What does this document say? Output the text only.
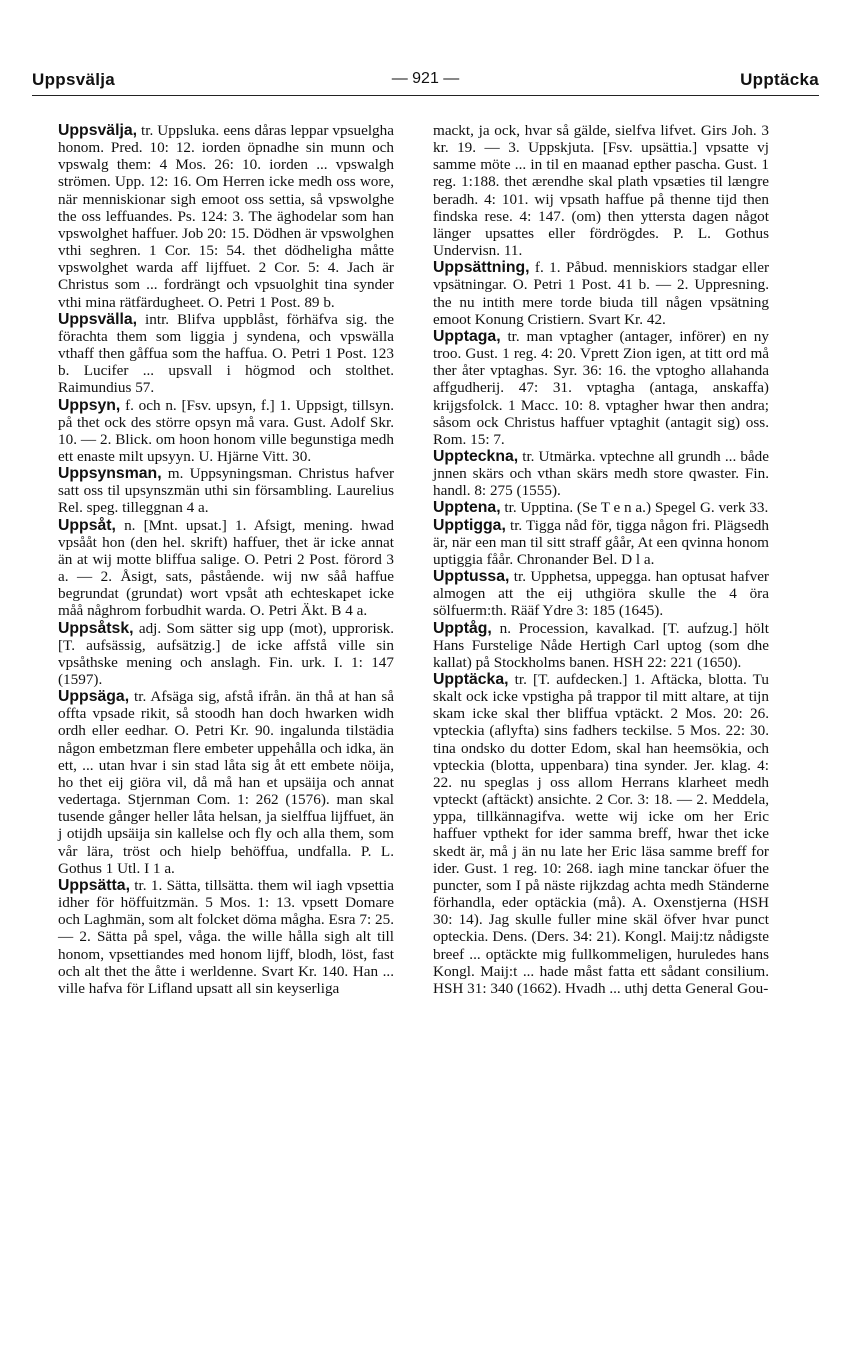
Uppsvälja	— 921 —	Upptäcka

Uppsvälja, tr. Uppsluka. eens dåras leppar vpsuelgha honom. Pred. 10: 12. iorden öpnadhe sin munn och vpswalg them: 4 Mos. 26: 10. iorden ... vpswalgh strömen. Upp. 12: 16. Om Herren icke medh oss wore, när menniskionar sigh emoot oss settia, så vpswolghe the oss leffuandes. Ps. 124: 3. The äghodelar som han vpswolghet haffuer. Job 20: 15. Dödhen är vpswolghen vthi seghren. 1 Cor. 15: 54. thet dödheligha måtte vpswolghet warda aff lijffuet. 2 Cor. 5: 4. Jach är Christus som ... fordrängt och vpsuolghit tina synder vthi mina rätfärdugheet. O. Petri 1 Post. 89 b.

Uppsvälla, intr. Blifva uppblåst, förhäfva sig. the förachta them som liggia j syndena, och vpswälla vthaff then gåffua som the haffua. O. Petri 1 Post. 123 b. Lucifer ... upsvall i högmod och stolthet. Raimundius 57.

Uppsyn, f. och n. [Fsv. upsyn, f.] 1. Uppsigt, tillsyn. på thet ock des större opsyn må vara. Gust. Adolf Skr. 10. — 2. Blick. om hoon honom ville begunstiga medh ett enaste milt upsyyn. U. Hjärne Vitt. 30.

Uppsynsman, m. Uppsyningsman. Christus hafver satt oss til upsynszmän uthi sin försambling. Laurelius Rel. speg. tilleggnan 4 a.

Uppsåt, n. [Mnt. upsat.] 1. Afsigt, mening. hwad vpsååt hon (den hel. skrift) haffuer, thet är icke annat än at wij motte bliffua salige. O. Petri 2 Post. förord 3 a. — 2. Åsigt, sats, påstående. wij nw såå haffue begrundat (grundat) wort vpsåt ath echteskapet icke måå någhrom forbudhit warda. O. Petri Äkt. B 4 a.

Uppsåtsk, adj. Som sätter sig upp (mot), upprorisk. [T. aufsässig, aufsätzig.] de icke affstå ville sin vpsåthske mening och anslagh. Fin. urk. I. 1: 147 (1597).

Uppsäga, tr. Afsäga sig, afstå ifrån. än thå at han så offta vpsade rikit, så stoodh han doch hwarken widh ordh eller eedhar. O. Petri Kr. 90. ingalunda tilstädia någon embetzman flere embeter uppehålla och idka, än ett, ... utan hvar i sin stad låta sig åt ett embete nöija, ho thet eij giöra vil, då må han et upsäija och annat vedertaga. Stjernman Com. 1: 262 (1576). man skal tusende gånger heller låta helsan, ja sielffua lijffuet, än j otijdh upsäija sin kallelse och fly och alla them, som vår lära, tröst och hielp behöffua, undfalla. P. L. Gothus 1 Utl. I 1 a.

Uppsätta, tr. 1. Sätta, tillsätta. them wil iagh vpsettia idher för höffuitzmän. 5 Mos. 1: 13. vpsett Domare och Laghmän, som alt folcket döma mågha. Esra 7: 25. — 2. Sätta på spel, våga. the wille hålla sigh alt till honom, vpsettiandes med honom lijff, blodh, löst, fast och alt thet the åtte i werldenne. Svart Kr. 140. Han ... ville hafva för Lifland upsatt all sin keyserliga

mackt, ja ock, hvar så gälde, sielfva lifvet. Girs Joh. 3 kr. 19. — 3. Uppskjuta. [Fsv. upsättia.] vpsatte vj samme möte ... in til en maanad epther pascha. Gust. 1 reg. 1:188. thet ærendhe skal plath vpsæties til længre beradh. 4: 101. wij vpsath haffue på thenne tijd then findska rese. 4: 147. (om) then yttersta dagen något länger upsattes eller fördrögdes. P. L. Gothus Undervisn. 11.

Uppsättning, f. 1. Påbud. menniskiors stadgar eller vpsätningar. O. Petri 1 Post. 41 b. — 2. Uppresning. the nu intith mere torde biuda till någen vpsätning emoot Konung Cristiern. Svart Kr. 42.

Upptaga, tr. man vptagher (antager, införer) en ny troo. Gust. 1 reg. 4: 20. Vprett Zion igen, at titt ord må ther åter vptaghas. Syr. 36: 16. the vptogho allahanda affgudherij. 47: 31. vptagha (antaga, anskaffa) krijgsfolck. 1 Macc. 10: 8. vptagher hwar then andra; såsom ock Christus haffuer vptaghit (antagit sig) oss. Rom. 15: 7.

Uppteckna, tr. Utmärka. vptechne all grundh ... både jnnen skärs och vthan skärs medh store qwaster. Fin. handl. 8: 275 (1555).

Upptena, tr. Upptina. (Se T e n a.) Spegel G. verk 33.

Upptigga, tr. Tigga nåd för, tigga någon fri. Plägsedh är, när een man til sitt straff gåår, At een qvinna honom uptiggia fåår. Chronander Bel. D l a.

Upptussa, tr. Upphetsa, uppegga. han optusat hafver almogen att the eij uthgiöra skulle the 4 öra sölfuerm:th. Rääf Ydre 3: 185 (1645).

Upptåg, n. Procession, kavalkad. [T. aufzug.] hölt Hans Furstelige Nåde Hertigh Carl uptog (som dhe kallat) på Stockholms banen. HSH 22: 221 (1650).

Upptäcka, tr. [T. aufdecken.] 1. Aftäcka, blotta. Tu skalt ock icke vpstigha på trappor til mitt altare, at tijn skam icke skal ther bliffua vptäckt. 2 Mos. 20: 26. vpteckia (aflyfta) sins fadhers teckilse. 5 Mos. 22: 30. tina ondsko du dotter Edom, skal han heemsökia, och vpteckia (blotta, uppenbara) tina synder. Jer. klag. 4: 22. nu speglas j oss allom Herrans klarheet medh vpteckt (aftäckt) ansichte. 2 Cor. 3: 18. — 2. Meddela, yppa, tillkännagifva. wette wij icke om her Eric haffuer vpthekt for ider samma breff, hwar thet icke skedt är, må j än nu late her Eric läsa samme breff for ider. Gust. 1 reg. 10: 268. iagh mine tanckar öfuer the puncter, som I på näste rijkzdag achta medh Ständerne förhandla, eder optäckia (må). A. Oxenstjerna (HSH 30: 14). Jag skulle fuller mine skäl öfver hvar punct opteckia. Dens. (Ders. 34: 21). Kongl. Maij:tz nådigste breef ... optäckte mig fullkommeligen, huruledes hans Kongl. Maij:t ... hade måst fatta ett sådant consilium. HSH 31: 340 (1662). Hvadh ... uthj detta General Gou-
